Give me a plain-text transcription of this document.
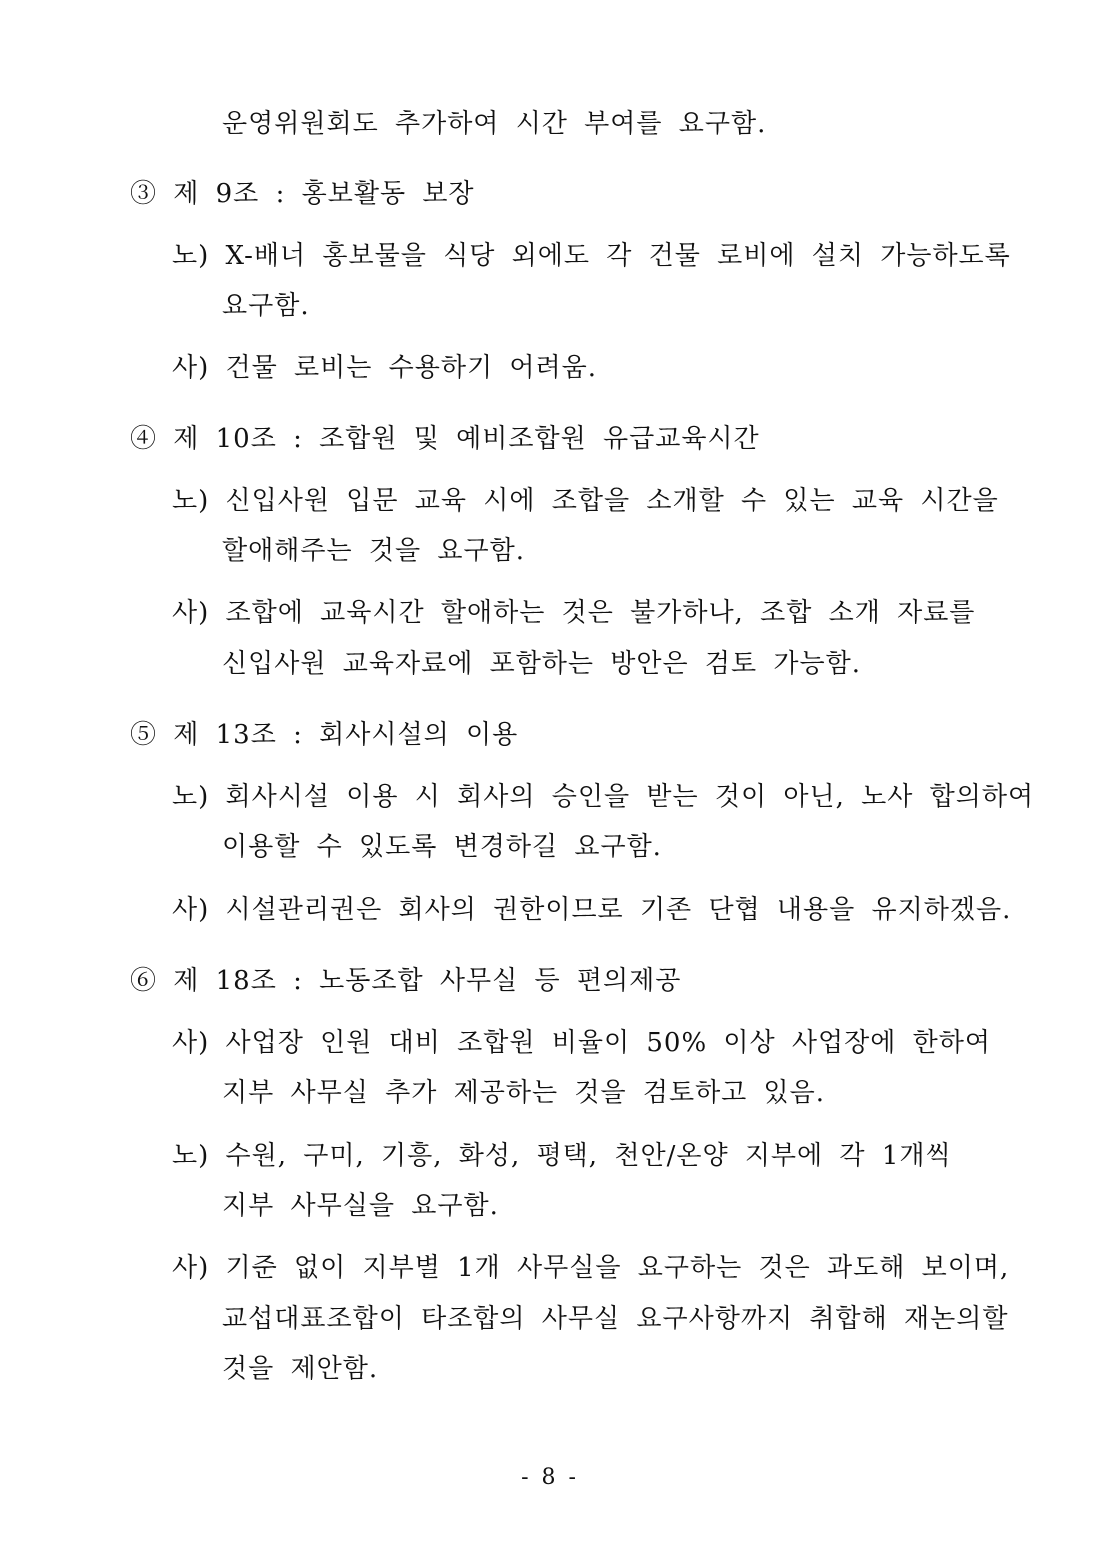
운영위원회도 추가하여 시간 부여를 요구함.
③ 제 9조 : 홍보활동 보장
노) X-배너 홍보물을 식당 외에도 각 건물 로비에 설치 가능하도록
요구함.
사) 건물 로비는 수용하기 어려움.
④ 제 10조 : 조합원 및 예비조합원 유급교육시간
노) 신입사원 입문 교육 시에 조합을 소개할 수 있는 교육 시간을
할애해주는 것을 요구함.
사) 조합에 교육시간 할애하는 것은 불가하나, 조합 소개 자료를
신입사원 교육자료에 포함하는 방안은 검토 가능함.
⑤ 제 13조 : 회사시설의 이용
노) 회사시설 이용 시 회사의 승인을 받는 것이 아닌, 노사 합의하여
이용할 수 있도록 변경하길 요구함.
사) 시설관리권은 회사의 권한이므로 기존 단협 내용을 유지하겠음.
⑥ 제 18조 : 노동조합 사무실 등 편의제공
사) 사업장 인원 대비 조합원 비율이 50% 이상 사업장에 한하여
지부 사무실 추가 제공하는 것을 검토하고 있음.
노) 수원, 구미, 기흥, 화성, 평택, 천안/온양 지부에 각 1개씩
지부 사무실을 요구함.
사) 기준 없이 지부별 1개 사무실을 요구하는 것은 과도해 보이며,
교섭대표조합이 타조합의 사무실 요구사항까지 취합해 재논의할
것을 제안함.
- 8 -
